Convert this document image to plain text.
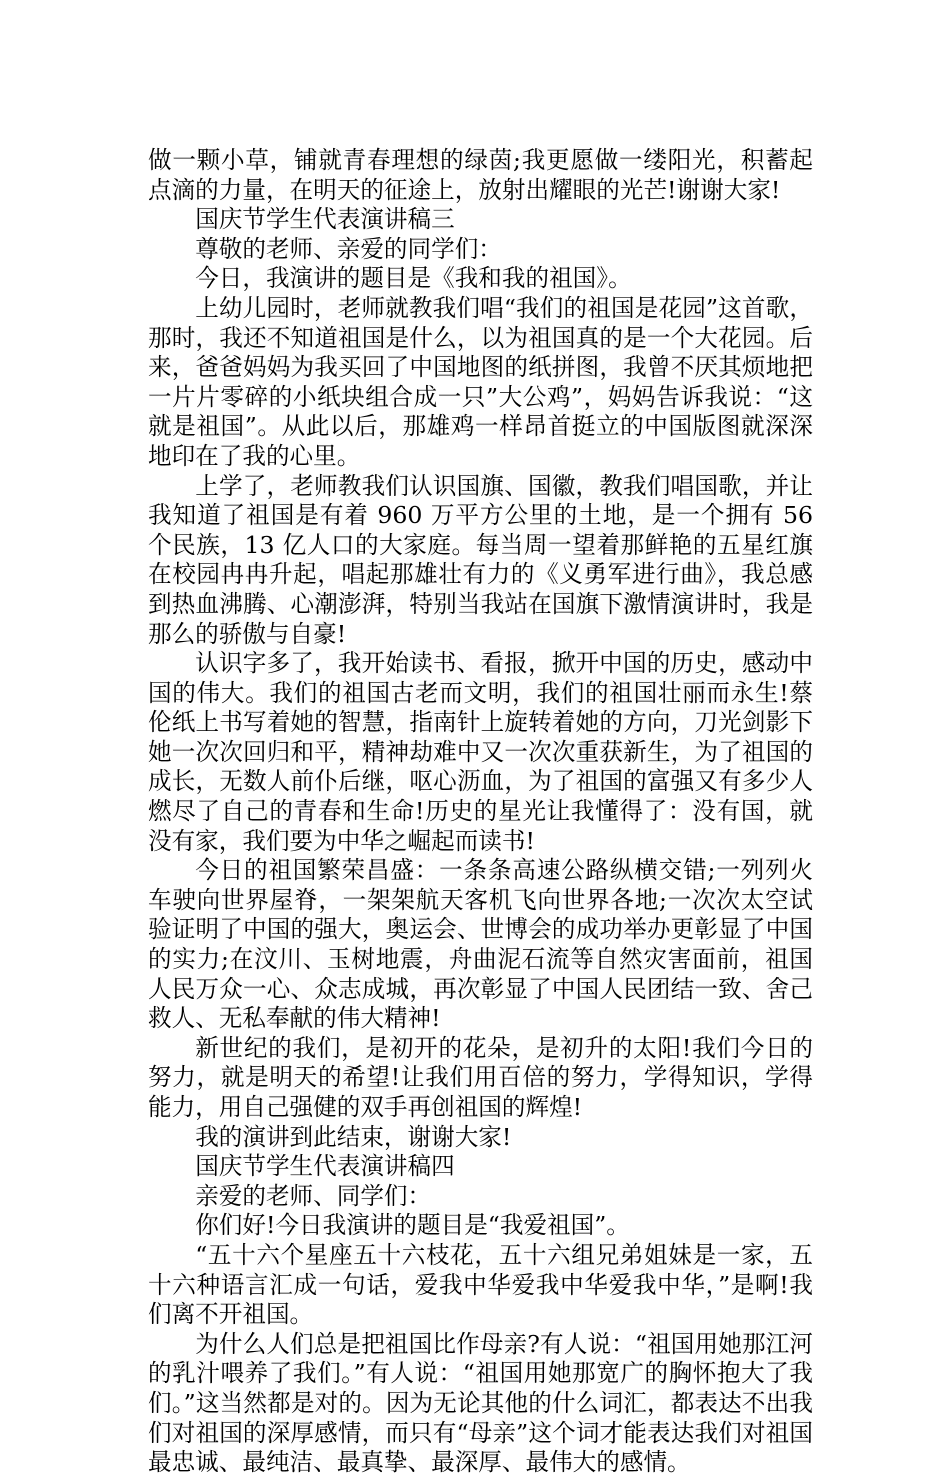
做一颗小草，铺就青春理想的绿茵;我更愿做一缕阳光，积蓄起点滴的力量，在明天的征途上，放射出耀眼的光芒!谢谢大家!

国庆节学生代表演讲稿三

尊敬的老师、亲爱的同学们：

今日，我演讲的题目是《我和我的祖国》。

上幼儿园时，老师就教我们唱“我们的祖国是花园”这首歌，那时，我还不知道祖国是什么，以为祖国真的是一个大花园。后来，爸爸妈妈为我买回了中国地图的纸拼图，我曾不厌其烦地把一片片零碎的小纸块组合成一只”大公鸡”，妈妈告诉我说：“这就是祖国”。从此以后，那雄鸡一样昂首挺立的中国版图就深深地印在了我的心里。

上学了，老师教我们认识国旗、国徽，教我们唱国歌，并让我知道了祖国是有着 960 万平方公里的土地，是一个拥有 56 个民族，13 亿人口的大家庭。每当周一望着那鲜艳的五星红旗在校园冉冉升起，唱起那雄壮有力的《义勇军进行曲》，我总感到热血沸腾、心潮澎湃，特别当我站在国旗下激情演讲时，我是那么的骄傲与自豪!

认识字多了，我开始读书、看报，掀开中国的历史，感动中国的伟大。我们的祖国古老而文明，我们的祖国壮丽而永生!蔡伦纸上书写着她的智慧，指南针上旋转着她的方向，刀光剑影下她一次次回归和平，精神劫难中又一次次重获新生，为了祖国的成长，无数人前仆后继，呕心沥血，为了祖国的富强又有多少人燃尽了自己的青春和生命!历史的星光让我懂得了：没有国，就没有家，我们要为中华之崛起而读书!

今日的祖国繁荣昌盛：一条条高速公路纵横交错;一列列火车驶向世界屋脊，一架架航天客机飞向世界各地;一次次太空试验证明了中国的强大，奥运会、世博会的成功举办更彰显了中国的实力;在汶川、玉树地震，舟曲泥石流等自然灾害面前，祖国人民万众一心、众志成城，再次彰显了中国人民团结一致、舍己救人、无私奉献的伟大精神!

新世纪的我们，是初开的花朵，是初升的太阳!我们今日的努力，就是明天的希望!让我们用百倍的努力，学得知识，学得能力，用自己强健的双手再创祖国的辉煌!

我的演讲到此结束，谢谢大家!

国庆节学生代表演讲稿四

亲爱的老师、同学们：

你们好!今日我演讲的题目是“我爱祖国”。

“五十六个星座五十六枝花，五十六组兄弟姐妹是一家，五十六种语言汇成一句话，爱我中华爱我中华爱我中华，”是啊!我们离不开祖国。

为什么人们总是把祖国比作母亲?有人说：“祖国用她那江河的乳汁喂养了我们。”有人说：“祖国用她那宽广的胸怀抱大了我们。”这当然都是对的。因为无论其他的什么词汇，都表达不出我们对祖国的深厚感情，而只有“母亲”这个词才能表达我们对祖国最忠诚、最纯洁、最真挚、最深厚、最伟大的感情。
